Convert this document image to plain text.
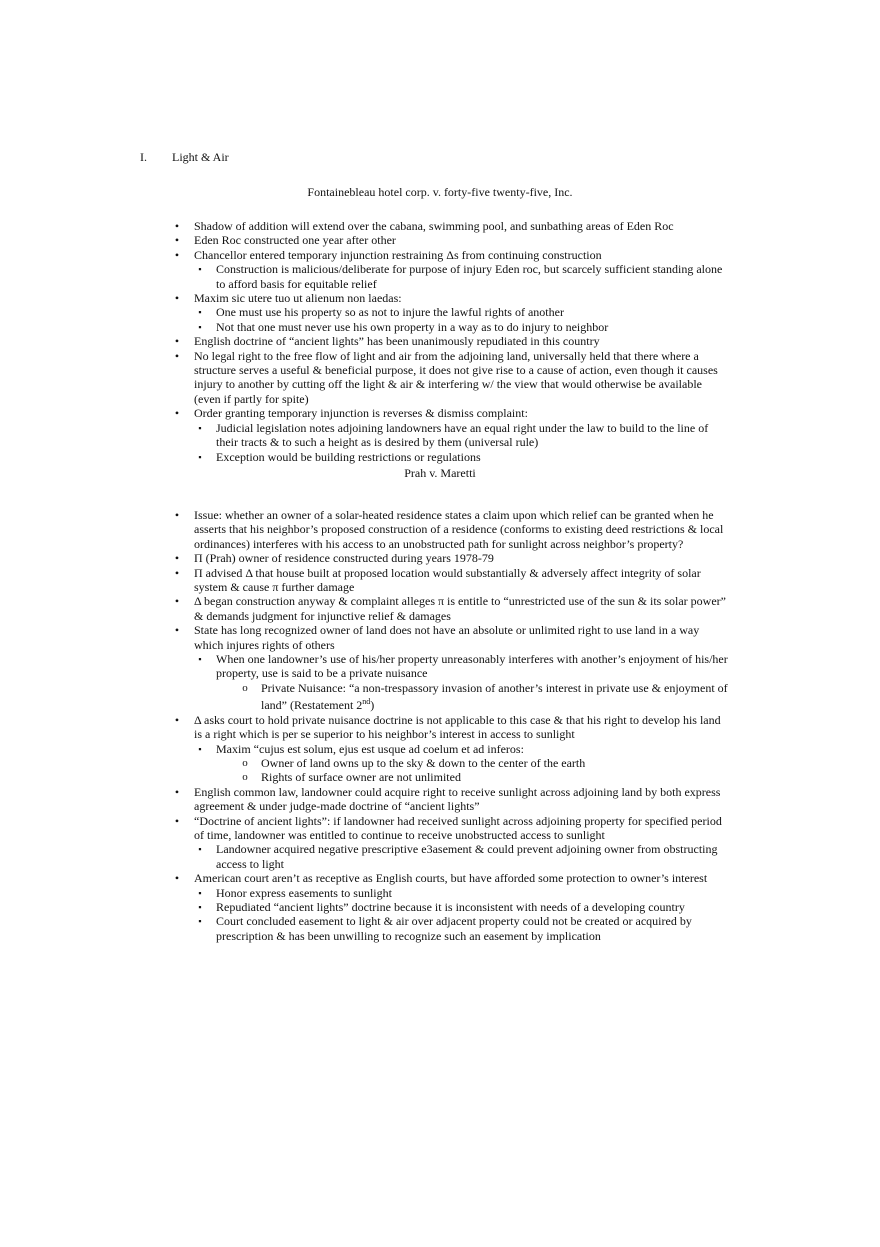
I. Light & Air
Fontainebleau hotel corp. v. forty-five twenty-five, Inc.
•	Shadow of addition will extend over the cabana, swimming pool, and sunbathing areas of Eden Roc
•	Eden Roc constructed one year after other
•	Chancellor entered temporary injunction restraining Δs from continuing construction
▪	Construction is malicious/deliberate for purpose of injury Eden roc, but scarcely sufficient standing alone to afford basis for equitable relief
•	Maxim sic utere tuo ut alienum non laedas:
▪	One must use his property so as not to injure the lawful rights of another
▪	Not that one must never use his own property in a way as to do injury to neighbor
•	English doctrine of “ancient lights” has been unanimously repudiated in this country
•	No legal right to the free flow of light and air from the adjoining land, universally held that there where a structure serves a useful & beneficial purpose, it does not give rise to a cause of action, even though it causes injury to another by cutting off the light & air & interfering w/ the view that would otherwise be available (even if partly for spite)
•	Order granting temporary injunction is reverses & dismiss complaint:
▪	Judicial legislation notes adjoining landowners have an equal right under the law to build to the line of their tracts & to such a height as is desired by them (universal rule)
▪	Exception would be building restrictions or regulations
Prah v. Maretti
•	Issue: whether an owner of a solar-heated residence states a claim upon which relief can be granted when he asserts that his neighbor’s proposed construction of a residence (conforms to existing deed restrictions & local ordinances) interferes with his access to an unobstructed path for sunlight across neighbor’s property?
•	Π (Prah) owner of residence constructed during years 1978-79
•	Π advised Δ that house built at proposed location would substantially & adversely affect integrity of solar system & cause π further damage
•	Δ began construction anyway & complaint alleges π is entitle to “unrestricted use of the sun & its solar power” & demands judgment for injunctive relief & damages
•	State has long recognized owner of land does not have an absolute or unlimited right to use land in a way which injures rights of others
▪	When one landowner’s use of his/her property unreasonably interferes with another’s enjoyment of his/her property, use is said to be a private nuisance
o	Private Nuisance: “a non-trespassory invasion of another’s interest in private use & enjoyment of land” (Restatement 2nd)
•	Δ asks court to hold private nuisance doctrine is not applicable to this case & that his right to develop his land is a right which is per se superior to his neighbor’s interest in access to sunlight
▪	Maxim “cujus est solum, ejus est usque ad coelum et ad inferos:
o	Owner of land owns up to the sky & down to the center of the earth
o	Rights of surface owner are not unlimited
•	English common law, landowner could acquire right to receive sunlight across adjoining land by both express agreement & under judge-made doctrine of “ancient lights”
•	“Doctrine of ancient lights”: if landowner had received sunlight across adjoining property for specified period of time, landowner was entitled to continue to receive unobstructed access to sunlight
▪	Landowner acquired negative prescriptive e3asement & could prevent adjoining owner from obstructing access to light
•	American court aren’t as receptive as English courts, but have afforded some protection to owner’s interest
▪	Honor express easements to sunlight
▪	Repudiated “ancient lights” doctrine because it is inconsistent with needs of a developing country
▪	Court concluded easement to light & air over adjacent property could not be created or acquired by prescription & has been unwilling to recognize such an easement by implication
